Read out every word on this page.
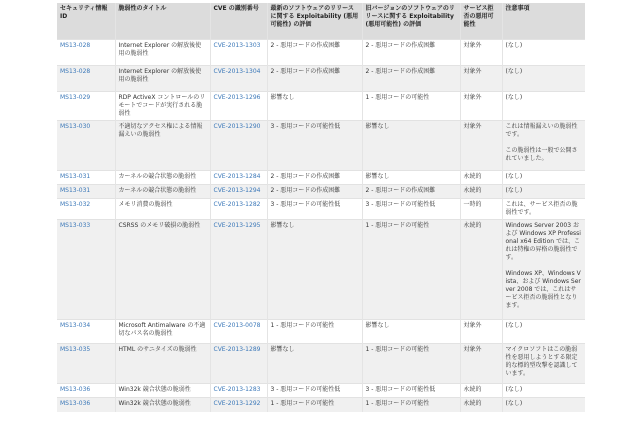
セキュリティ情報 ID	脆弱性のタイトル	CVE の識別番号	最新のソフトウェアのリリースに関する Exploitability (悪用可能性) の評価	旧バージョンのソフトウェアのリリースに関する Exploitability (悪用可能性) の評価	サービス拒否の悪用可能性	注意事項
MS13-028	Internet Explorer の解放後使用の脆弱性	CVE-2013-1303	2 - 悪用コードの作成困難	2 - 悪用コードの作成困難	対象外	(なし)

MS13-028	Internet Explorer の解放後使用の脆弱性	CVE-2013-1304	2 - 悪用コードの作成困難	2 - 悪用コードの作成困難	対象外	(なし)

MS13-029	RDP ActiveX コントロールのリモートでコードが実行される脆弱性	CVE-2013-1296	影響なし	1 - 悪用コードの可能性	対象外	(なし)

MS13-030	不適切なアクセス権による情報漏えいの脆弱性	CVE-2013-1290	3 - 悪用コードの可能性低	影響なし	対象外	これは情報漏えいの脆弱性です。
この脆弱性は一般で公開されていました。

MS13-031	カーネルの競合状態の脆弱性	CVE-2013-1284	2 - 悪用コードの作成困難	影響なし	永続的	(なし)

MS13-031	カーネルの競合状態の脆弱性	CVE-2013-1294	2 - 悪用コードの作成困難	2 - 悪用コードの作成困難	永続的	(なし)

MS13-032	メモリ消費の脆弱性	CVE-2013-1282	3 - 悪用コードの可能性低	3 - 悪用コードの可能性低	一時的	これは、サービス拒否の脆弱性です。

MS13-033	CSRSS のメモリ破損の脆弱性	CVE-2013-1295	影響なし	1 - 悪用コードの可能性	永続的	Windows Server 2003 および Windows XP Professional x64 Edition では、これは特権の昇格の脆弱性です。
Windows XP、Windows Vista、および Windows Server 2008 では、これはサービス拒否の脆弱性となります。

MS13-034	Microsoft Antimalware の不適切なパス名の脆弱性	CVE-2013-0078	1 - 悪用コードの可能性	影響なし	対象外	(なし)

MS13-035	HTML のサニタイズの脆弱性	CVE-2013-1289	影響なし	1 - 悪用コードの可能性	対象外	マイクロソフトはこの脆弱性を悪用しようとする限定的な標的型攻撃を認識しています。

MS13-036	Win32k 競合状態の脆弱性	CVE-2013-1283	3 - 悪用コードの可能性低	3 - 悪用コードの可能性低	永続的	(なし)

MS13-036	Win32k 競合状態の脆弱性	CVE-2013-1292	1 - 悪用コードの可能性	1 - 悪用コードの可能性	永続的	(なし)
